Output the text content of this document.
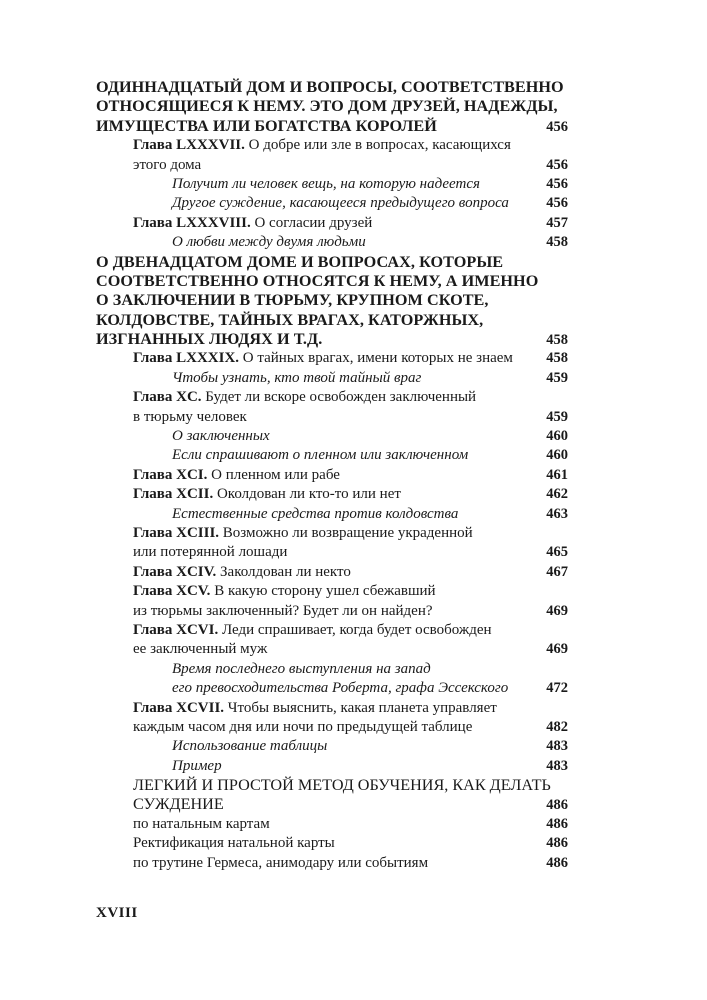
ОДИННАДЦАТЫЙ ДОМ И ВОПРОСЫ, СООТВЕТСТВЕННО
ОТНОСЯЩИЕСЯ К НЕМУ. ЭТО ДОМ ДРУЗЕЙ, НАДЕЖДЫ,
ИМУЩЕСТВА ИЛИ БОГАТСТВА КОРОЛЕЙ	456
Глава LXXXVII. О добре или зле в вопросах, касающихся
этого дома	456
Получит ли человек вещь, на которую надеется	456
Другое суждение, касающееся предыдущего вопроса	456
Глава LXXXVIII. О согласии друзей	457
О любви между двумя людьми	458
О ДВЕНАДЦАТОМ ДОМЕ И ВОПРОСАХ, КОТОРЫЕ
СООТВЕТСТВЕННО ОТНОСЯТСЯ К НЕМУ, А ИМЕННО
О ЗАКЛЮЧЕНИИ В ТЮРЬМУ, КРУПНОМ СКОТЕ,
КОЛДОВСТВЕ, ТАЙНЫХ ВРАГАХ, КАТОРЖНЫХ,
ИЗГНАННЫХ ЛЮДЯХ И Т.Д.	458
Глава LXXXIX. О тайных врагах, имени которых не знаем 458
Чтобы узнать, кто твой тайный враг	459
Глава XC. Будет ли вскоре освобожден заключенный
в тюрьму человек	459
О заключенных	460
Если спрашивают о пленном или заключенном	460
Глава XCI. О пленном или рабе	461
Глава XCII. Околдован ли кто-то или нет	462
Естественные средства против колдовства	463
Глава XCIII. Возможно ли возвращение украденной
или потерянной лошади	465
Глава XCIV. Заколдован ли некто	467
Глава XCV. В какую сторону ушел сбежавший
из тюрьмы заключенный? Будет ли он найден?	469
Глава XCVI. Леди спрашивает, когда будет освобожден
ее заключенный муж	469
Время последнего выступления на запад
его превосходительства Роберта, графа Эссекского	472
Глава XCVII. Чтобы выяснить, какая планета управляет
каждым часом дня или ночи по предыдущей таблице	482
Использование таблицы	483
Пример	483
ЛЕГКИЙ И ПРОСТОЙ МЕТОД ОБУЧЕНИЯ, КАК ДЕЛАТЬ
СУЖДЕНИЕ	486
по натальным картам	486
Ректификация натальной карты	486
по трутине Гермеса, анимодару или событиям	486
XVIII
